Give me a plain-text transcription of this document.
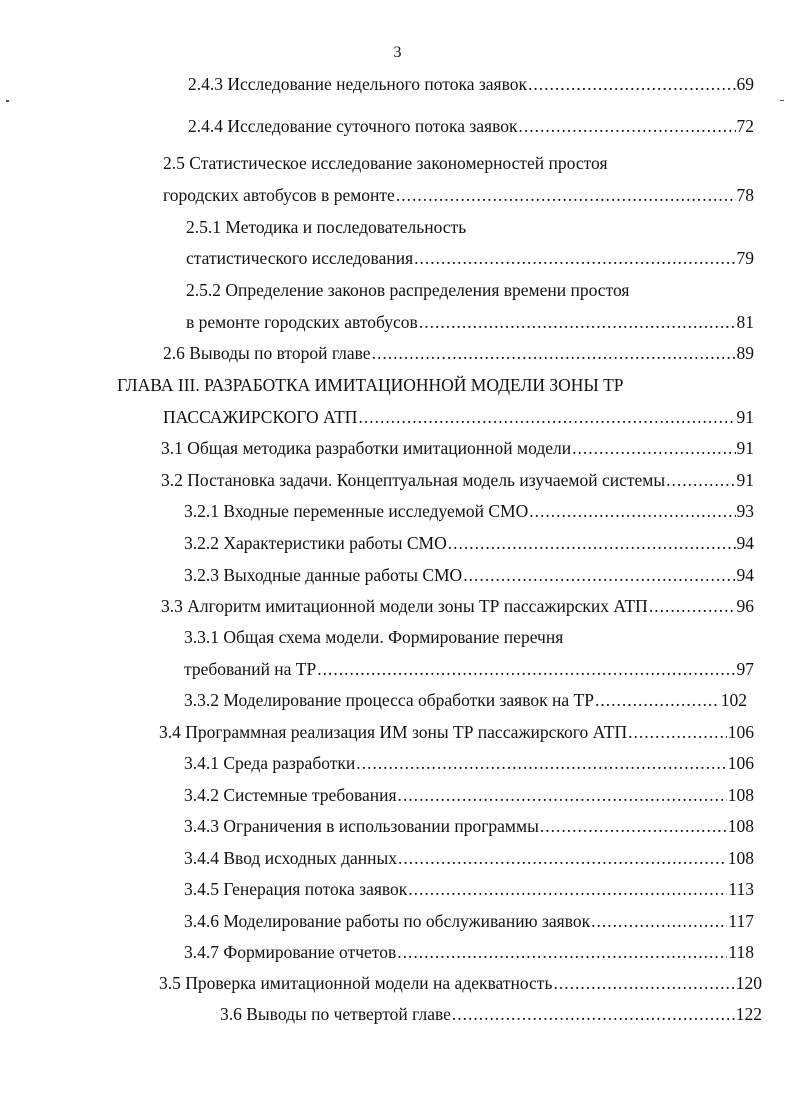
3
2.4.3 Исследование недельного потока заявок .....	69
2.4.4 Исследование суточного потока заявок .....	72
2.5 Статистическое исследование закономерностей простоя
городских автобусов в ремонте .....	78
2.5.1 Методика и последовательность
статистического исследования .....	79
2.5.2 Определение законов распределения времени простоя
в ремонте городских автобусов .....	81
2.6 Выводы по второй главе .....	89
ГЛАВА III. РАЗРАБОТКА ИМИТАЦИОННОЙ МОДЕЛИ ЗОНЫ ТР
ПАССАЖИРСКОГО АТП .....	91
3.1 Общая методика разработки имитационной модели .....	91
3.2 Постановка задачи. Концептуальная модель изучаемой системы .....	91
3.2.1 Входные переменные исследуемой СМО .....	93
3.2.2 Характеристики работы СМО .....	94
3.2.3 Выходные данные работы СМО .....	94
3.3 Алгоритм имитационной модели зоны ТР пассажирских АТП .....	96
3.3.1 Общая схема модели. Формирование перечня
требований на ТР .....	97
3.3.2 Моделирование процесса обработки заявок на ТР .....	102
3.4 Программная реализация ИМ зоны ТР пассажирского АТП .....	106
3.4.1 Среда разработки .....	106
3.4.2 Системные требования .....	108
3.4.3 Ограничения в использовании программы .....	108
3.4.4 Ввод исходных данных .....	108
3.4.5 Генерация потока заявок .....	113
3.4.6 Моделирование работы по обслуживанию заявок .....	117
3.4.7 Формирование отчетов .....	118
3.5 Проверка имитационной модели на адекватность .....	120
3.6 Выводы по четвертой главе .....	122
